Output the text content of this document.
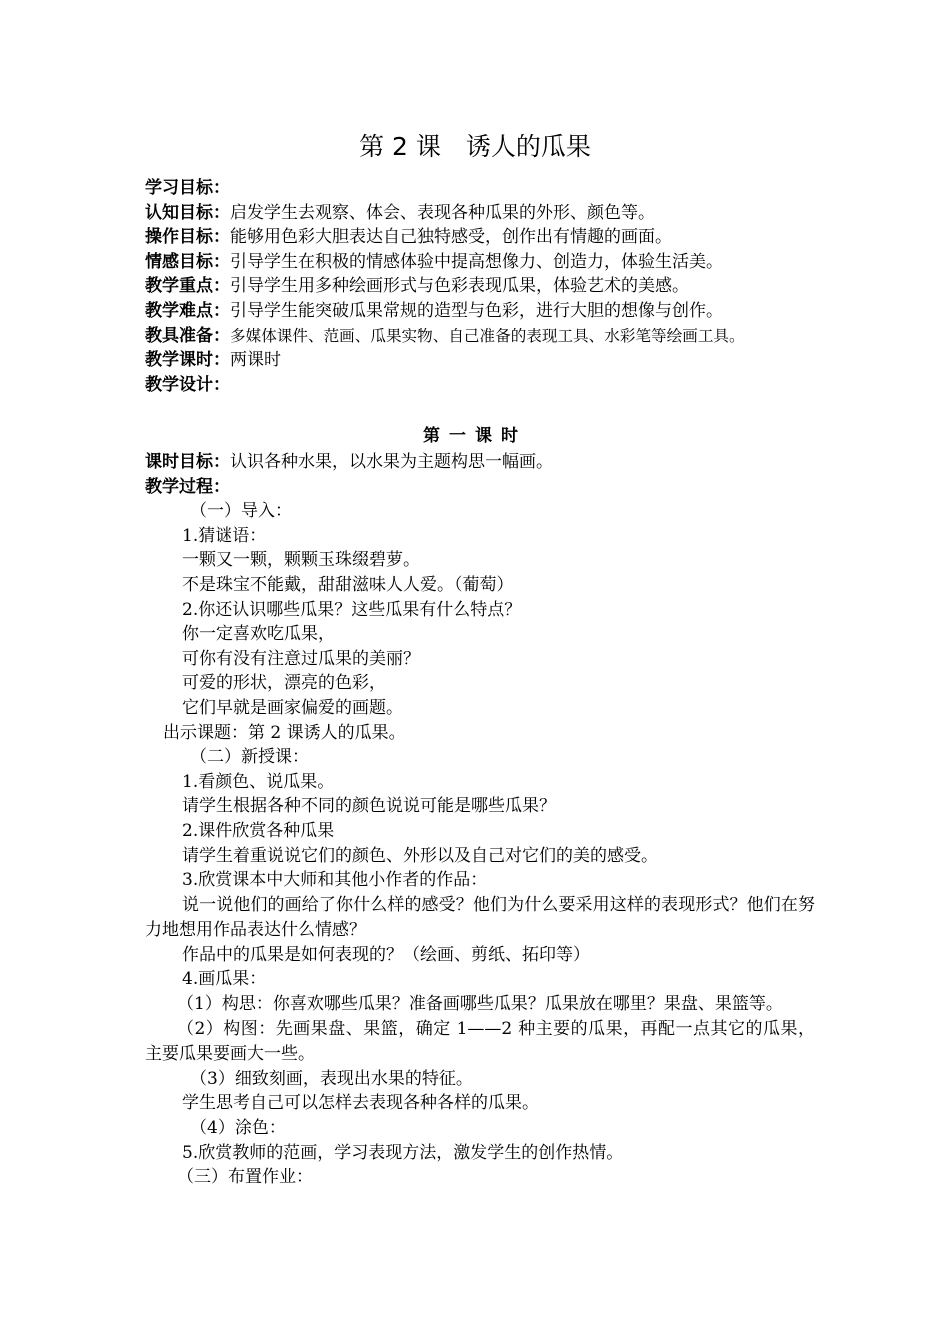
第 2 课　诱人的瓜果
学习目标：
认知目标：启发学生去观察、体会、表现各种瓜果的外形、颜色等。
操作目标：能够用色彩大胆表达自己独特感受，创作出有情趣的画面。
情感目标：引导学生在积极的情感体验中提高想像力、创造力，体验生活美。
教学重点：引导学生用多种绘画形式与色彩表现瓜果，体验艺术的美感。
教学难点：引导学生能突破瓜果常规的造型与色彩，进行大胆的想像与创作。
教具准备：多媒体课件、范画、瓜果实物、自己准备的表现工具、水彩笔等绘画工具。
教学课时：两课时
教学设计：
第一课时
课时目标：认识各种水果，以水果为主题构思一幅画。
教学过程：
（一）导入：
1.猜谜语：
一颗又一颗，颗颗玉珠缀碧萝。
不是珠宝不能戴，甜甜滋味人人爱。（葡萄）
2.你还认识哪些瓜果？这些瓜果有什么特点？
你一定喜欢吃瓜果，
可你有没有注意过瓜果的美丽？
可爱的形状，漂亮的色彩，
它们早就是画家偏爱的画题。
出示课题：第 2 课诱人的瓜果。
（二）新授课：
1.看颜色、说瓜果。
请学生根据各种不同的颜色说说可能是哪些瓜果？
2.课件欣赏各种瓜果
请学生着重说说它们的颜色、外形以及自己对它们的美的感受。
3.欣赏课本中大师和其他小作者的作品：
说一说他们的画给了你什么样的感受？他们为什么要采用这样的表现形式？他们在努力地想用作品表达什么情感？
作品中的瓜果是如何表现的？（绘画、剪纸、拓印等）
4.画瓜果：
（1）构思：你喜欢哪些瓜果？准备画哪些瓜果？瓜果放在哪里？果盘、果篮等。
（2）构图：先画果盘、果篮，确定 1——2 种主要的瓜果，再配一点其它的瓜果，主要瓜果要画大一些。
（3）细致刻画，表现出水果的特征。
学生思考自己可以怎样去表现各种各样的瓜果。
（4）涂色：
5.欣赏教师的范画，学习表现方法，激发学生的创作热情。
（三）布置作业：
